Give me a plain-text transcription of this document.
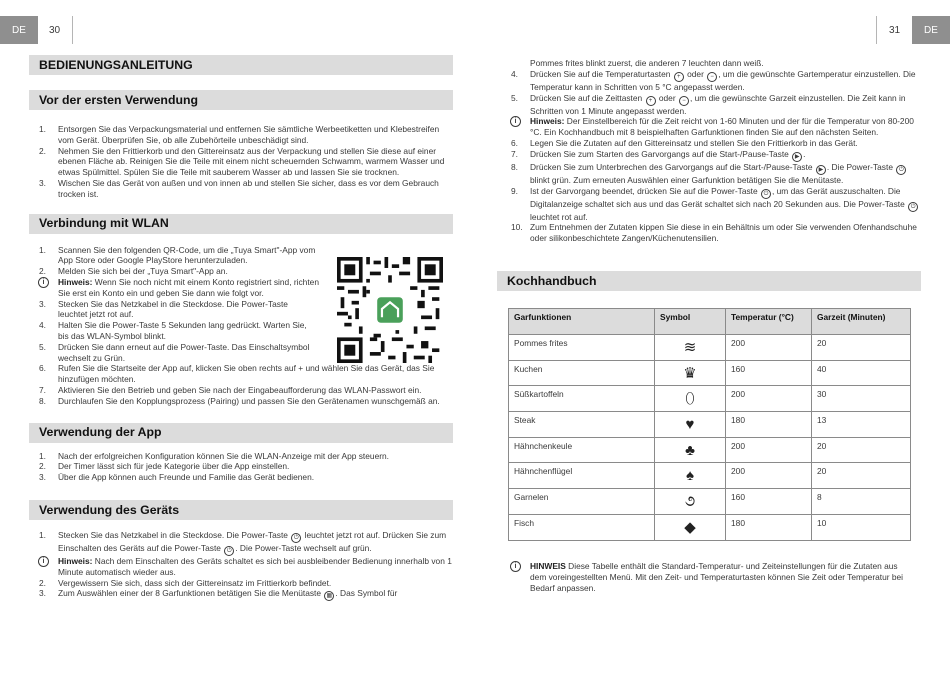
DE	30	31	DE
BEDIENUNGSANLEITUNG
Vor der ersten Verwendung
1. Entsorgen Sie das Verpackungsmaterial und entfernen Sie sämtliche Werbeetiketten und Klebestreifen vom Gerät. Überprüfen Sie, ob alle Zubehörteile unbeschädigt sind.
2. Nehmen Sie den Frittierkorb und den Gittereinsatz aus der Verpackung und stellen Sie diese auf einer ebenen Fläche ab. Reinigen Sie die Teile mit einem nicht scheuernden Schwamm, warmem Wasser und etwas Spülmittel. Spülen Sie die Teile mit sauberem Wasser ab und lassen Sie sie trocknen.
3. Wischen Sie das Gerät von außen und von innen ab und stellen Sie sicher, dass es vor dem Gebrauch trocken ist.
Verbindung mit WLAN
1. Scannen Sie den folgenden QR-Code, um die „Tuya Smart"-App vom App Store oder Google PlayStore herunterzuladen.
2. Melden Sie sich bei der „Tuya Smart"-App an.
i	Hinweis: Wenn Sie noch nicht mit einem Konto registriert sind, richten Sie erst ein Konto ein und geben Sie dann wie folgt vor.
3. Stecken Sie das Netzkabel in die Steckdose. Die Power-Taste leuchtet jetzt rot auf.
4. Halten Sie die Power-Taste 5 Sekunden lang gedrückt. Warten Sie, bis das WLAN-Symbol blinkt.
5. Drücken Sie dann erneut auf die Power-Taste. Das Einschaltsymbol wechselt zu Grün.
6. Rufen Sie die Startseite der App auf, klicken Sie oben rechts auf + und wählen Sie das Gerät, das Sie hinzufügen möchten.
7. Aktivieren Sie den Betrieb und geben Sie nach der Eingabeaufforderung das WLAN-Passwort ein.
8. Durchlaufen Sie den Kopplungsprozess (Pairing) und passen Sie den Gerätenamen wunschgemäß an.
Verwendung der App
1. Nach der erfolgreichen Konfiguration können Sie die WLAN-Anzeige mit der App steuern.
2. Der Timer lässt sich für jede Kategorie über die App einstellen.
3. Über die App können auch Freunde und Familie das Gerät bedienen.
Verwendung des Geräts
1. Stecken Sie das Netzkabel in die Steckdose. Die Power-Taste ⏻ leuchtet jetzt rot auf. Drücken Sie zum Einschalten des Geräts auf die Power-Taste ⏻ . Die Power-Taste wechselt auf grün.
i	Hinweis: Nach dem Einschalten des Geräts schaltet es sich bei ausbleibender Bedienung innerhalb von 1 Minute automatisch wieder aus.
2. Vergewissern Sie sich, dass sich der Gittereinsatz im Frittierkorb befindet.
3. Zum Auswählen einer der 8 Garfunktionen betätigen Sie die Menütaste ▦ . Das Symbol für
Pommes frites blinkt zuerst, die anderen 7 leuchten dann weiß.
4. Drücken Sie auf die Temperaturtasten + oder − , um die gewünschte Gartemperatur einzustellen. Die Temperatur kann in Schritten von 5 °C angepasst werden.
5. Drücken Sie auf die Zeittasten + oder − , um die gewünschte Garzeit einzustellen. Die Zeit kann in Schritten von 1 Minute angepasst werden.
i	Hinweis: Der Einstellbereich für die Zeit reicht von 1-60 Minuten und der für die Temperatur von 80-200 °C. Ein Kochhandbuch mit 8 beispielhaften Garfunktionen finden Sie auf den nächsten Seiten.
6. Legen Sie die Zutaten auf den Gittereinsatz und stellen Sie den Frittierkorb in das Gerät.
7. Drücken Sie zum Starten des Garvorgangs auf die Start-/Pause-Taste ▶ .
8. Drücken Sie zum Unterbrechen des Garvorgangs auf die Start-/Pause-Taste ▶ . Die Power-Taste ⏻ blinkt grün. Zum erneuten Auswählen einer Garfunktion betätigen Sie die Menütaste.
9. Ist der Garvorgang beendet, drücken Sie auf die Power-Taste ⏻ , um das Gerät auszuschalten. Die Digitalanzeige schaltet sich aus und das Gerät schaltet sich nach 20 Sekunden aus. Die Power-Taste ⏻ leuchtet rot auf.
10. Zum Entnehmen der Zutaten kippen Sie diese in ein Behältnis um oder Sie verwenden Ofenhandschuhe oder silikonbeschichtete Zangen/Küchenutensilien.
Kochhandbuch
Garfunktionen	Symbol	Temperatur (°C)	Garzeit (Minuten)
Pommes frites	≋	200	20
Kuchen	♛	160	40
Süßkartoffeln	⬯	200	30
Steak	♥	180	13
Hähnchenkeule	♣	200	20
Hähnchenflügel	♠	200	20
Garnelen	૭	160	8
Fisch	◆	180	10
i	HINWEIS Diese Tabelle enthält die Standard-Temperatur- und Zeiteinstellungen für die Zutaten aus dem voreingestellten Menü. Mit den Zeit- und Temperaturtasten können Sie Zeit oder Temperatur bei Bedarf anpassen.
